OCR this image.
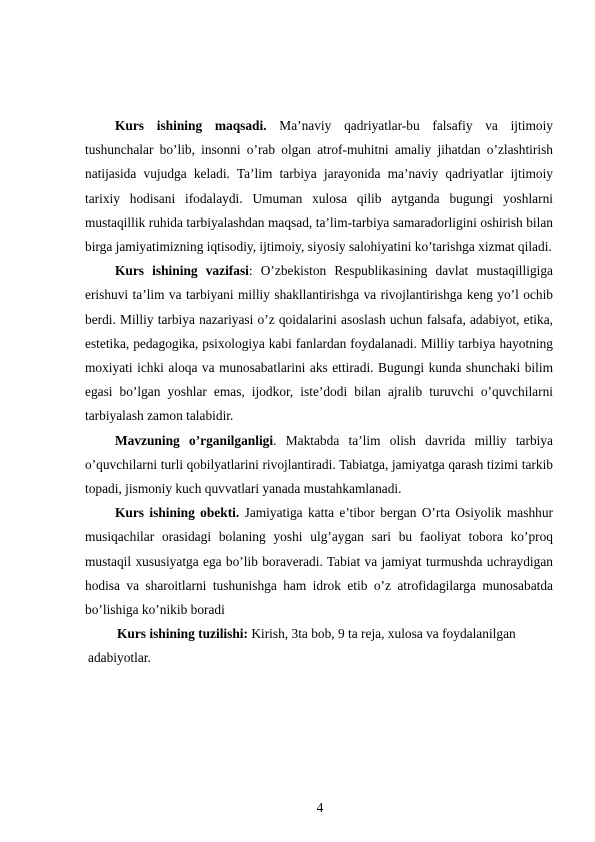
Kurs ishining maqsadi. Ma’naviy qadriyatlar-bu falsafiy va ijtimoiy tushunchalar bo’lib, insonni o’rab olgan atrof-muhitni amaliy jihatdan o’zlashtirish natijasida vujudga keladi. Ta’lim tarbiya jarayonida ma’naviy qadriyatlar ijtimoiy tarixiy hodisani ifodalaydi. Umuman xulosa qilib aytganda bugungi yoshlarni mustaqillik ruhida tarbiyalashdan maqsad, ta’lim-tarbiya samaradorligini oshirish bilan birga jamiyatimizning iqtisodiy, ijtimoiy, siyosiy salohiyatini ko’tarishga xizmat qiladi.

Kurs ishining vazifasi: O’zbekiston Respublikasining davlat mustaqilligiga erishuvi ta’lim va tarbiyani milliy shakllantirishga va rivojlantirishga keng yo’l ochib berdi. Milliy tarbiya nazariyasi o’z qoidalarini asoslash uchun falsafa, adabiyot, etika, estetika, pedagogika, psixologiya kabi fanlardan foydalanadi. Milliy tarbiya hayotning moxiyati ichki aloqa va munosabatlarini aks ettiradi. Bugungi kunda shunchaki bilim egasi bo’lgan yoshlar emas, ijodkor, iste’dodi bilan ajralib turuvchi o’quvchilarni tarbiyalash zamon talabidir.

Mavzuning o’rganilganligi. Maktabda ta’lim olish davrida milliy tarbiya o’quvchilarni turli qobilyatlarini rivojlantiradi. Tabiatga, jamiyatga qarash tizimi tarkib topadi, jismoniy kuch quvvatlari yanada mustahkamlanadi.

Kurs ishining obekti. Jamiyatiga katta e’tibor bergan O’rta Osiyolik mashhur musiqachilar orasidagi bolaning yoshi ulg’aygan sari bu faoliyat tobora ko’proq mustaqil xususiyatga ega bo’lib boraveradi. Tabiat va jamiyat turmushda uchraydigan hodisa va sharoitlarni tushunishga ham idrok etib o’z atrofidagilarga munosabatda bo’lishiga ko’nikib boradi

Kurs ishining tuzilishi: Kirish, 3ta bob, 9 ta reja, xulosa va foydalanilgan adabiyotlar.

4
